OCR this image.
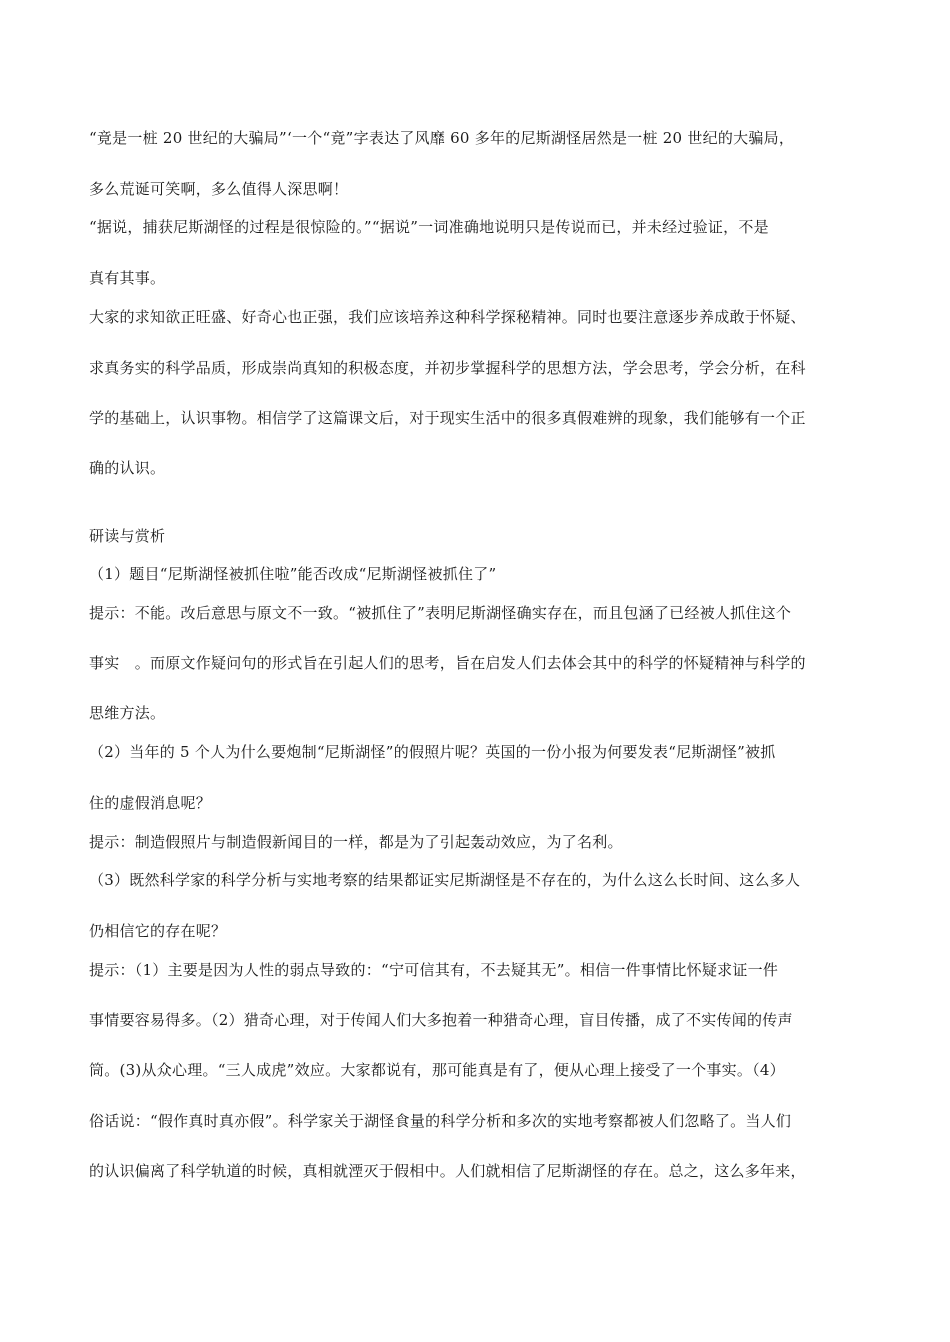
“竟是一桩 20 世纪的大骗局”‘一个“竟”字表达了风靡 60 多年的尼斯湖怪居然是一桩 20 世纪的大骗局，
多么荒诞可笑啊，多么值得人深思啊！
“据说，捕获尼斯湖怪的过程是很惊险的。”“据说”一词准确地说明只是传说而已，并未经过验证，不是
真有其事。
大家的求知欲正旺盛、好奇心也正强，我们应该培养这种科学探秘精神。同时也要注意逐步养成敢于怀疑、
求真务实的科学品质，形成崇尚真知的积极态度，并初步掌握科学的思想方法，学会思考，学会分析，在科
学的基础上，认识事物。相信学了这篇课文后，对于现实生活中的很多真假难辨的现象，我们能够有一个正
确的认识。
研读与赏析
（1）题目“尼斯湖怪被抓住啦”能否改成“尼斯湖怪被抓住了”
提示：不能。改后意思与原文不一致。“被抓住了”表明尼斯湖怪确实存在，而且包涵了已经被人抓住这个
事实　。而原文作疑问句的形式旨在引起人们的思考，旨在启发人们去体会其中的科学的怀疑精神与科学的
思维方法。
（2）当年的 5 个人为什么要炮制“尼斯湖怪”的假照片呢？英国的一份小报为何要发表“尼斯湖怪”被抓
住的虚假消息呢？
提示：制造假照片与制造假新闻目的一样，都是为了引起轰动效应，为了名利。
（3）既然科学家的科学分析与实地考察的结果都证实尼斯湖怪是不存在的，为什么这么长时间、这么多人
仍相信它的存在呢？
提示：（1）主要是因为人性的弱点导致的：“宁可信其有，不去疑其无”。相信一件事情比怀疑求证一件
事情要容易得多。（2）猎奇心理，对于传闻人们大多抱着一种猎奇心理，盲目传播，成了不实传闻的传声
筒。(3)从众心理。“三人成虎”效应。大家都说有，那可能真是有了，便从心理上接受了一个事实。（4）
俗话说：“假作真时真亦假”。科学家关于湖怪食量的科学分析和多次的实地考察都被人们忽略了。当人们
的认识偏离了科学轨道的时候，真相就湮灭于假相中。人们就相信了尼斯湖怪的存在。总之，这么多年来，
